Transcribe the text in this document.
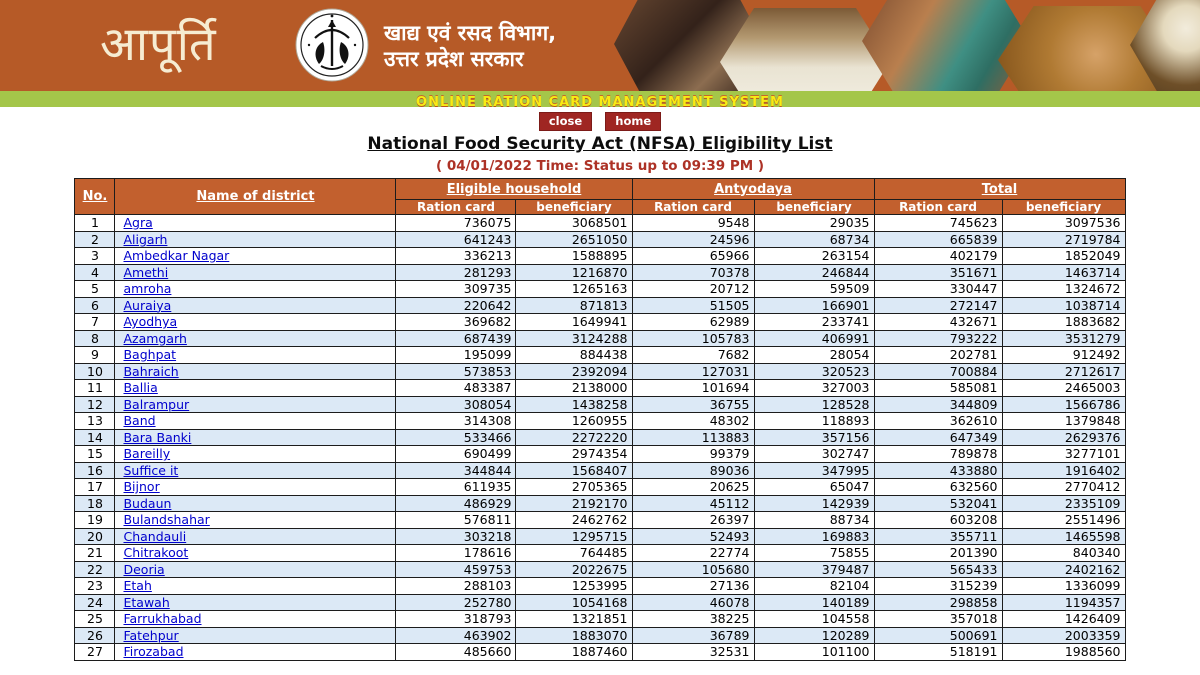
आपूर्ति	खाद्य एवं रसद विभाग,
उत्तर प्रदेश सरकार
ONLINE RATION CARD MANAGEMENT SYSTEM
close	home
National Food Security Act (NFSA) Eligibility List
( 04/01/2022 Time: Status up to 09:39 PM )
No.	Name of district	Eligible household		Antyodaya		Total	
		Ration card	beneficiary	Ration card	beneficiary	Ration card	beneficiary
1	Agra	736075	3068501	9548	29035	745623	3097536
2	Aligarh	641243	2651050	24596	68734	665839	2719784
3	Ambedkar Nagar	336213	1588895	65966	263154	402179	1852049
4	Amethi	281293	1216870	70378	246844	351671	1463714
5	amroha	309735	1265163	20712	59509	330447	1324672
6	Auraiya	220642	871813	51505	166901	272147	1038714
7	Ayodhya	369682	1649941	62989	233741	432671	1883682
8	Azamgarh	687439	3124288	105783	406991	793222	3531279
9	Baghpat	195099	884438	7682	28054	202781	912492
10	Bahraich	573853	2392094	127031	320523	700884	2712617
11	Ballia	483387	2138000	101694	327003	585081	2465003
12	Balrampur	308054	1438258	36755	128528	344809	1566786
13	Band	314308	1260955	48302	118893	362610	1379848
14	Bara Banki	533466	2272220	113883	357156	647349	2629376
15	Bareilly	690499	2974354	99379	302747	789878	3277101
16	Suffice it	344844	1568407	89036	347995	433880	1916402
17	Bijnor	611935	2705365	20625	65047	632560	2770412
18	Budaun	486929	2192170	45112	142939	532041	2335109
19	Bulandshahar	576811	2462762	26397	88734	603208	2551496
20	Chandauli	303218	1295715	52493	169883	355711	1465598
21	Chitrakoot	178616	764485	22774	75855	201390	840340
22	Deoria	459753	2022675	105680	379487	565433	2402162
23	Etah	288103	1253995	27136	82104	315239	1336099
24	Etawah	252780	1054168	46078	140189	298858	1194357
25	Farrukhabad	318793	1321851	38225	104558	357018	1426409
26	Fatehpur	463902	1883070	36789	120289	500691	2003359
27	Firozabad	485660	1887460	32531	101100	518191	1988560
